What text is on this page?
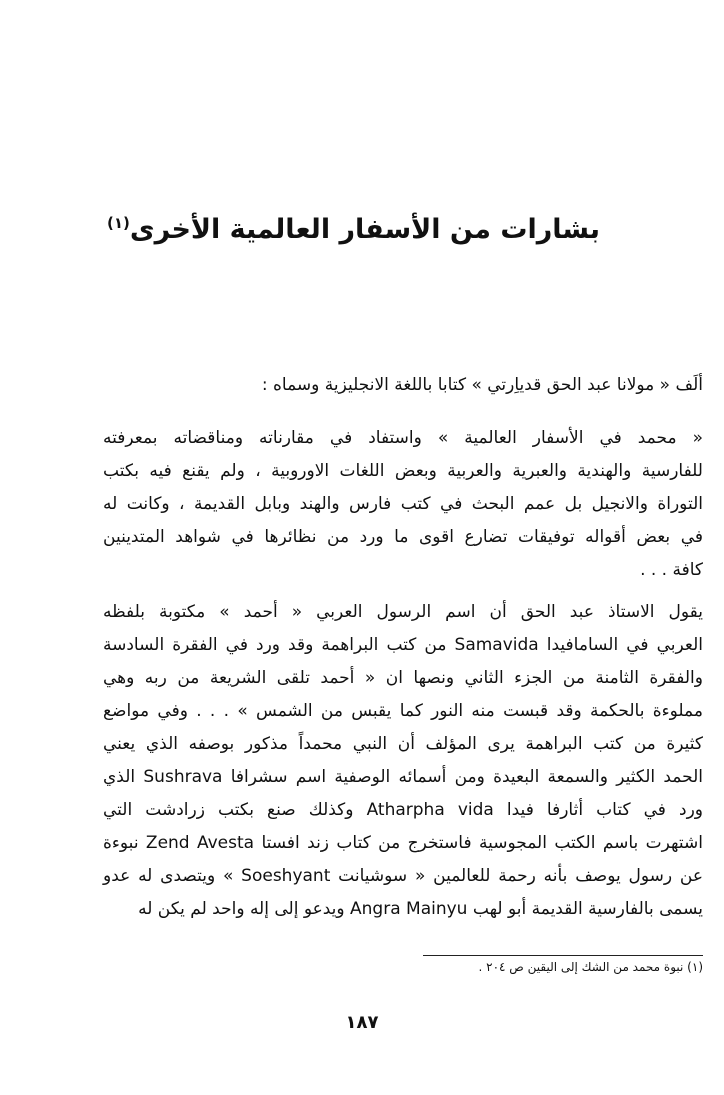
بشارات من الأسفار العالمية الأخرى$^{(١)}$
ألَف « مولانا عبد الحق قدياِرتي » كتابا باللغة الانجليزية وسماه :
« محمد في الأسفار العالمية » واستفاد في مقارناته ومناقضاته بمعرفته
للفارسية والهندية والعبرية والعربية وبعض اللغات الاوروبية ، ولم يقنع فيه بكتب
التوراة والانجيل بل عمم البحث في كتب فارس والهند وبابل القديمة ، وكانت له
في بعض أقواله توفيقات تضارع اقوى ما ورد من نظائرها في شواهد المتدينين
كافة . . .
يقول الاستاذ عبد الحق أن اسم الرسول العربي « أحمد » مكتوبة بلفظه
العربي في السامافيدا Samavida من كتب البراهمة وقد ورد في الفقرة السادسة
والفقرة الثامنة من الجزء الثاني ونصها ان « أحمد تلقى الشريعة من ربه وهي
مملوءة بالحكمة وقد قبست منه النور كما يقبس من الشمس » . . . وفي مواضع
كثيرة من كتب البراهمة يرى المؤلف أن النبي محمداً مذكور بوصفه الذي يعني
الحمد الكثير والسمعة البعيدة ومن أسمائه الوصفية اسم سشرافا Sushrava الذي
ورد في كتاب أثارفا فيدا Atharpha vida وكذلك صنع بكتب زرادشت التي
اشتهرت باسم الكتب المجوسية فاستخرج من كتاب زند افستا Zend Avesta نبوءة
عن رسول يوصف بأنه رحمة للعالمين « سوشيانت Soeshyant » ويتصدى له عدو
يسمى بالفارسية القديمة أبو لهب Angra Mainyu ويدعو إلى إله واحد لم يكن له
(١) نبوة محمد من الشك إلى اليقين ص ٢٠٤ .
١٨٧
